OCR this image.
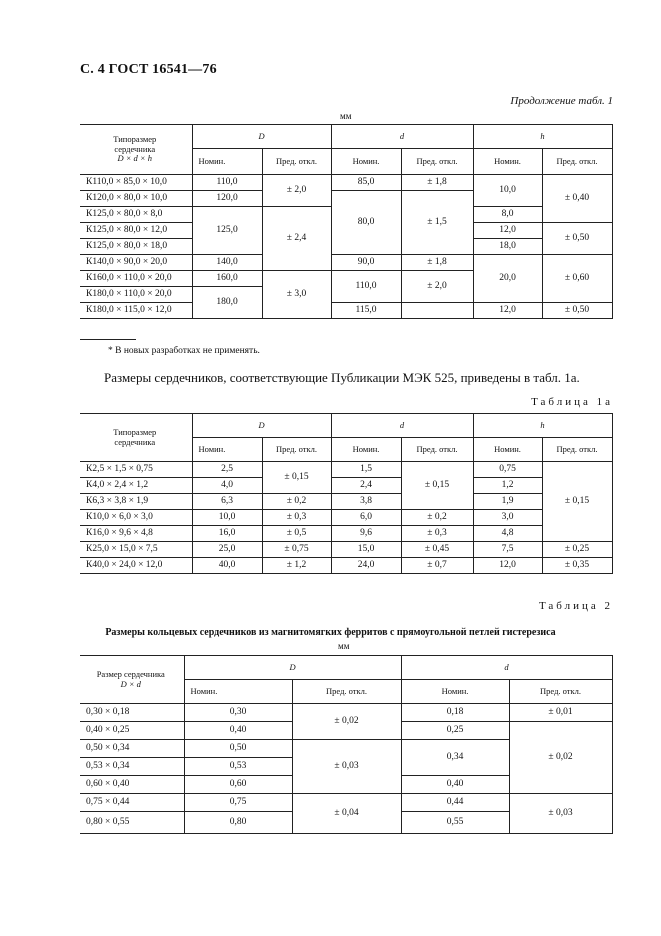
С. 4 ГОСТ 16541—76
Продолжение табл. 1
мм
Типоразмер сердечника
D × d × h	D		d		h	
	Номин.	Пред. откл.	Номин.	Пред. откл.	Номин.	Пред. откл.
К110,0 × 85,0 × 10,0	110,0	± 2,0	85,0	± 1,8	10,0	± 0,40
К120,0 × 80,0 × 10,0	120,0		80,0	± 1,5		
К125,0 × 80,0 × 8,0	125,0	± 2,4			8,0	
К125,0 × 80,0 × 12,0					12,0	± 0,50
К125,0 × 80,0 × 18,0					18,0	
К140,0 × 90,0 × 20,0	140,0		90,0	± 1,8	20,0	± 0,60
К160,0 × 110,0 × 20,0	160,0	± 3,0	110,0	± 2,0		
К180,0 × 110,0 × 20,0	180,0					
К180,0 × 115,0 × 12,0			115,0		12,0	± 0,50
* В новых разработках не применять.
Размеры сердечников, соответствующие Публикации МЭК 525, приведены в табл. 1а.
Таблица 1а
Типоразмер сердечника	D		d		h	
	Номин.	Пред. откл.	Номин.	Пред. откл.	Номин.	Пред. откл.
К2,5 × 1,5 × 0,75	2,5	± 0,15	1,5	± 0,15	0,75	± 0,15
К4,0 × 2,4 × 1,2	4,0		2,4		1,2	
К6,3 × 3,8 × 1,9	6,3	± 0,2	3,8		1,9	
К10,0 × 6,0 × 3,0	10,0	± 0,3	6,0	± 0,2	3,0	
К16,0 × 9,6 × 4,8	16,0	± 0,5	9,6	± 0,3	4,8	
К25,0 × 15,0 × 7,5	25,0	± 0,75	15,0	± 0,45	7,5	± 0,25
К40,0 × 24,0 × 12,0	40,0	± 1,2	24,0	± 0,7	12,0	± 0,35
Таблица 2
Размеры кольцевых сердечников из магнитомягких ферритов с прямоугольной петлей гистерезиса
мм
Размер сердечника
D × d	D		d	
	Номин.	Пред. откл.	Номин.	Пред. откл.
0,30 × 0,18	0,30	± 0,02	0,18	± 0,01
0,40 × 0,25	0,40		0,25	± 0,02
0,50 × 0,34	0,50	± 0,03	0,34	
0,53 × 0,34	0,53			
0,60 × 0,40	0,60		0,40	
0,75 × 0,44	0,75	± 0,04	0,44	± 0,03
0,80 × 0,55	0,80		0,55	
